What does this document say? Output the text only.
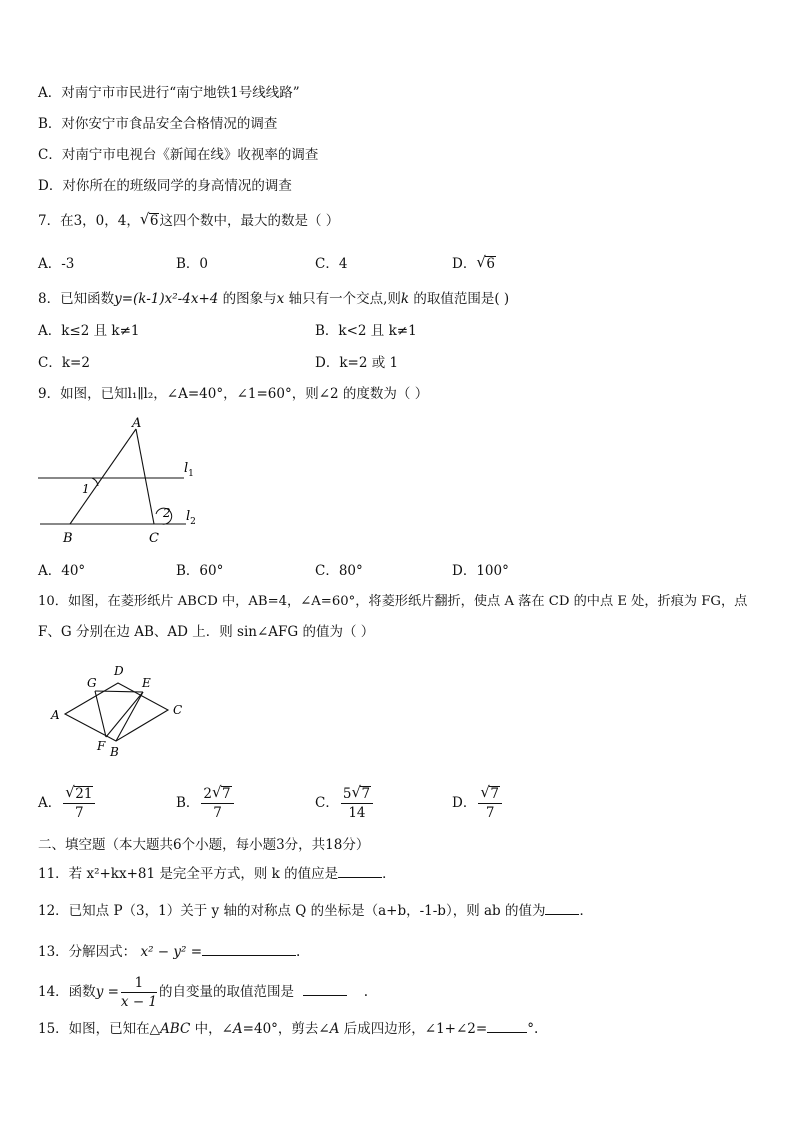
A．对南宁市市民进行“南宁地铁1号线线路”
B．对你安宁市食品安全合格情况的调查
C．对南宁市电视台《新闻在线》收视率的调查
D．对你所在的班级同学的身高情况的调查
7．在3，0，4， √ 6这四个数中，最大的数是（ ）
A．-3	B．0	C．4	D． √ 6
8．已知函数y=(k-1)x²-4x+4 的图象与x 轴只有一个交点,则k 的取值范围是( )
A．k≤2 且 k≠1	B．k<2 且 k≠1
C．k=2	D．k=2 或 1
9．如图，已知l₁∥l₂，∠A=40°，∠1=60°，则∠2 的度数为（ ）
A
B	C
1
2
$l_1$
$l_2$
A．40°	B．60°	C．80°	D．100°
10．如图，在菱形纸片 ABCD 中，AB=4，∠A=60°，将菱形纸片翻折，使点 A 落在 CD 的中点 E 处，折痕为 FG，点
F、G 分别在边 AB、AD 上．则 sin∠AFG 的值为（ ）
D
G	E
A	C
F B
A． $\frac{√ 21}{7}$	B． $\frac{2 √ 7}{7}$	C． $\frac{5 √ 7}{14}$	D． $\frac{√ 7}{7}$
二、填空题（本大题共6个小题，每小题3分，共18分）
11．若 x²+kx+81 是完全平方式，则 k 的值应是	．
12．已知点 P（3，1）关于 y 轴的对称点 Q 的坐标是（a+b，-1-b），则 ab 的值为	．
13．分解因式： x² − y² =	.
14．函数$y = \frac{1}{x - 1}$ 的自变量的取值范围是	.
15．如图，已知在△ABC 中，∠A=40°，剪去∠A 后成四边形，∠1+∠2=	°.
